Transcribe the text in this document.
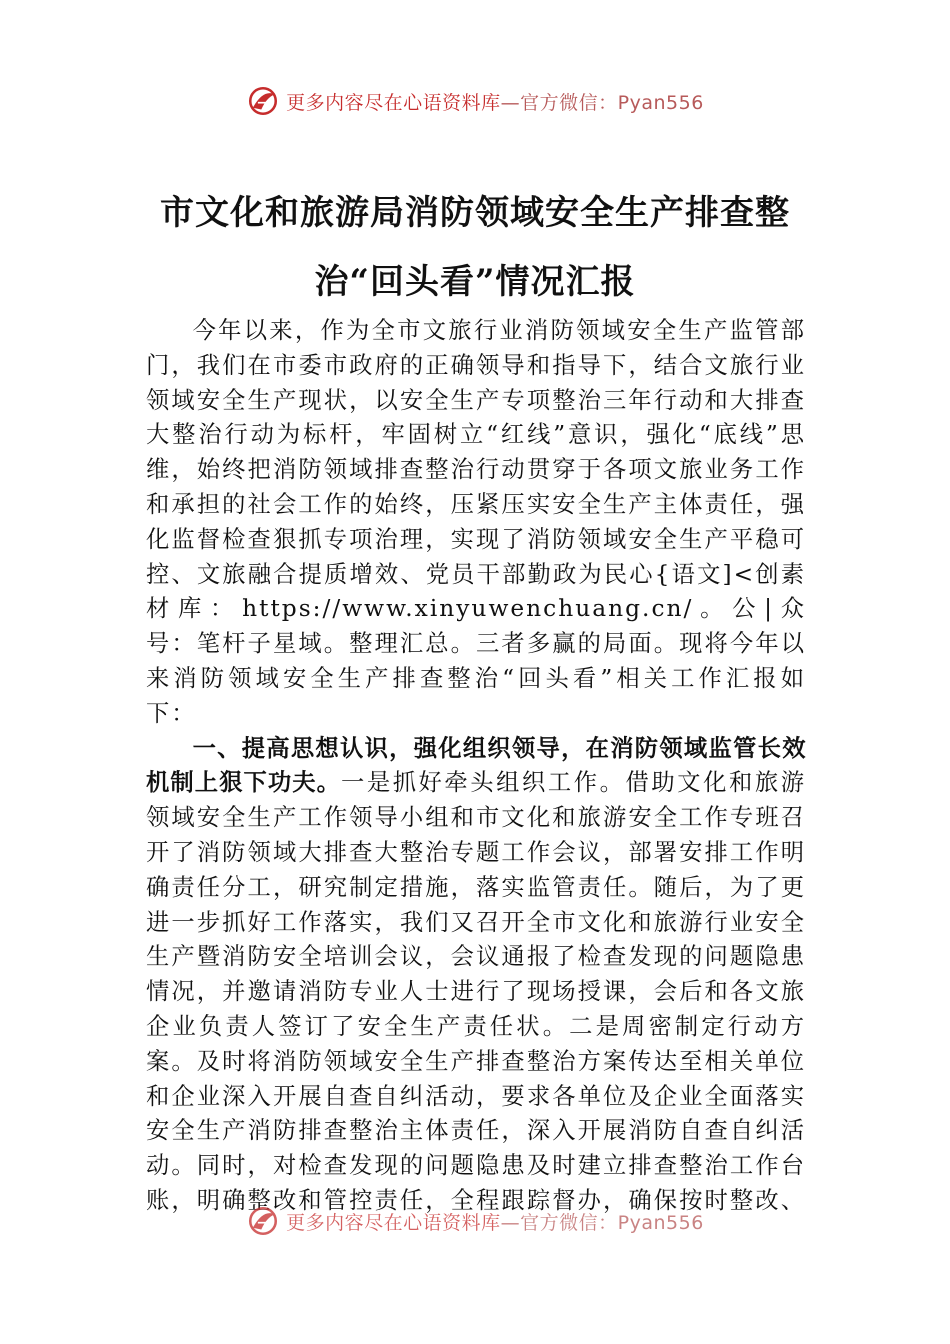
更多内容尽在心语资料库 —官方微信：Pyan556
市文化和旅游局消防领域安全生产排查整
治“回头看”情况汇报

今年以来，作为全市文旅行业消防领域安全生产监管部门，我们在市委市政府的正确领导和指导下，结合文旅行业领域安全生产现状，以安全生产专项整治三年行动和大排查大整治行动为标杆，牢固树立“红线”意识，强化“底线”思维，始终把消防领域排查整治行动贯穿于各项文旅业务工作和承担的社会工作的始终，压紧压实安全生产主体责任，强化监督检查狠抓专项治理，实现了消防领域安全生产平稳可控、文旅融合提质增效、党员干部勤政为民心{语文]<创素材库：https://www.xinyuwenchuang.cn/。公|众号：笔杆子星域。整理汇总。三者多赢的局面。现将今年以来消防领域安全生产排查整治“回头看”相关工作汇报如下：

一、提高思想认识，强化组织领导，在消防领域监管长效机制上狠下功夫。一是抓好牵头组织工作。借助文化和旅游领域安全生产工作领导小组和市文化和旅游安全工作专班召开了消防领域大排查大整治专题工作会议，部署安排工作明确责任分工，研究制定措施，落实监管责任。随后，为了更进一步抓好工作落实，我们又召开全市文化和旅游行业安全生产暨消防安全培训会议，会议通报了检查发现的问题隐患情况，并邀请消防专业人士进行了现场授课，会后和各文旅企业负责人签订了安全生产责任状。二是周密制定行动方案。及时将消防领域安全生产排查整治方案传达至相关单位和企业深入开展自查自纠活动，要求各单位及企业全面落实安全生产消防排查整治主体责任，深入开展消防自查自纠活动。同时，对检查发现的问题隐患及时建立排查整治工作台账，明确整改和管控责任，全程跟踪督办，确保按时整改、

更多内容尽在心语资料库 —官方微信：Pyan556
